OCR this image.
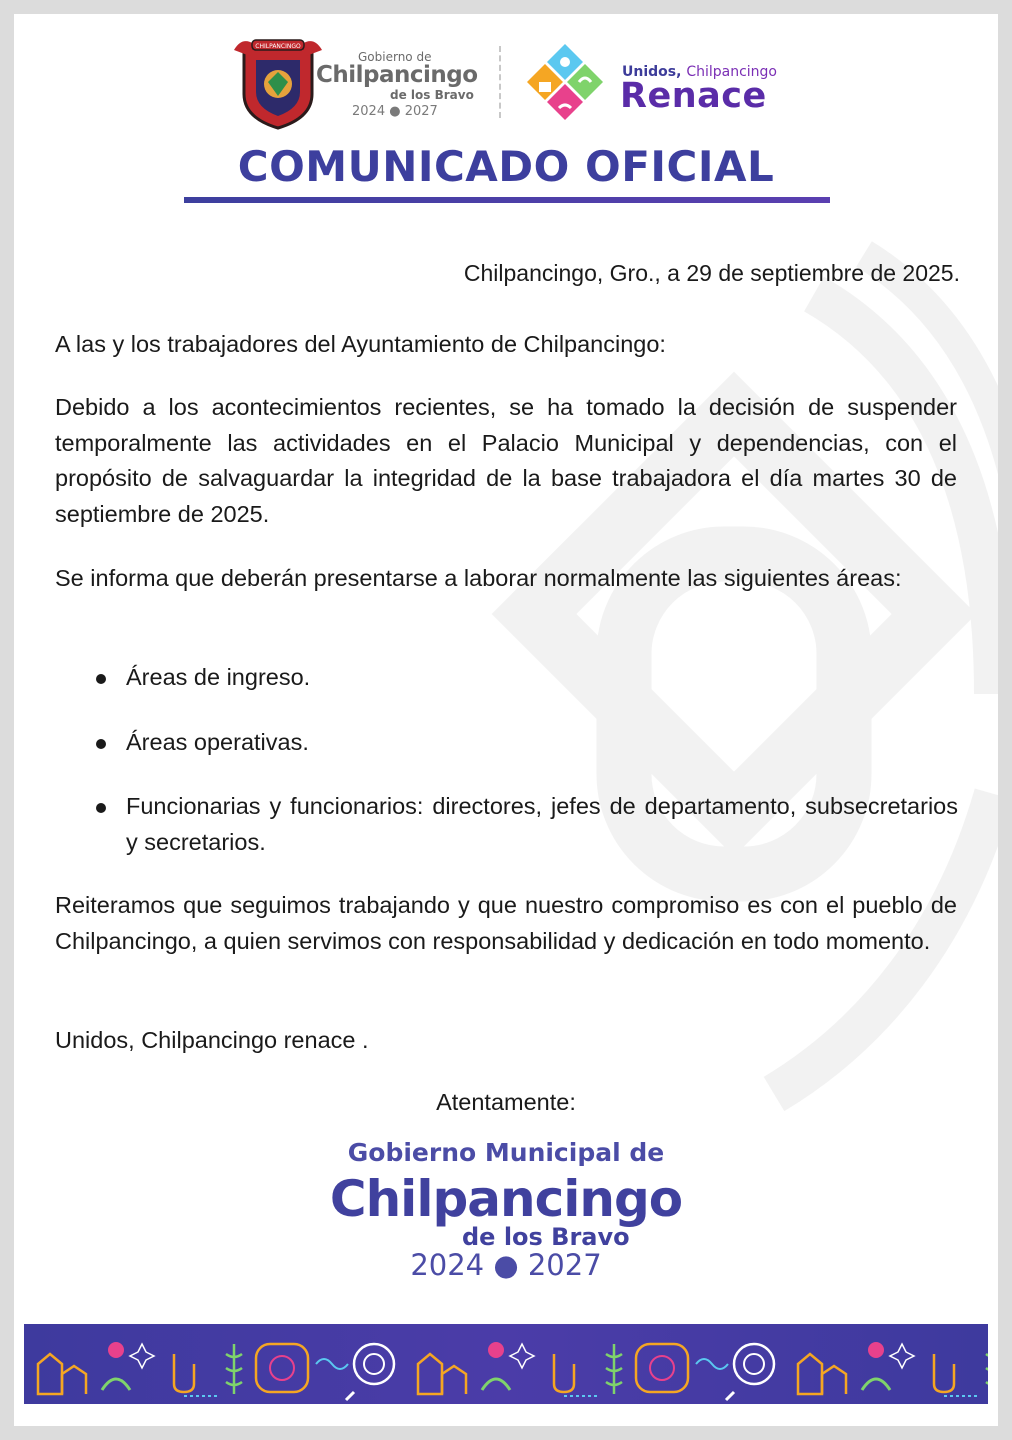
CHILPANCINGO
Gobierno de
Chilpancingo
de los Bravo
2024 ● 2027
Unidos, Chilpancingo
Renace
COMUNICADO OFICIAL
Chilpancingo, Gro., a 29 de septiembre de 2025.
A las y los trabajadores del Ayuntamiento de Chilpancingo:
Debido a los acontecimientos recientes, se ha tomado la decisión de suspender temporalmente las actividades en el Palacio Municipal y dependencias, con el propósito de salvaguardar la integridad de la base trabajadora el día martes 30 de septiembre de 2025.
Se informa que deberán presentarse a laborar normalmente las siguientes áreas:
Áreas de ingreso.
Áreas operativas.
Funcionarias y funcionarios: directores, jefes de departamento, subsecretarios y secretarios.
Reiteramos que seguimos trabajando y que nuestro compromiso es con el pueblo de Chilpancingo, a quien servimos con responsabilidad y dedicación en todo momento.
Unidos, Chilpancingo renace .
Atentamente:
Gobierno Municipal de
Chilpancingo
de los Bravo
2024 ● 2027
